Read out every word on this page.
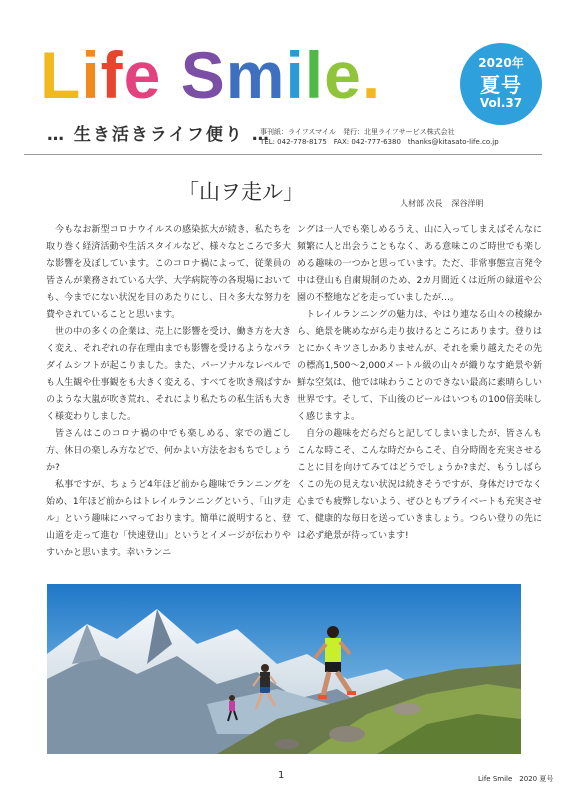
Life Smile.
… 生き活きライフ便り …
2020年
夏号
Vol.37
事刊紙：ライフスマイル　発行：北里ライフサービス株式会社
TEL: 042-778-8175　FAX: 042-777-6380　thanks@kitasato-life.co.jp
「山ヲ走ル」	人材部 次長 深谷洋明

今もなお新型コロナウイルスの感染拡大が続き、私たちを取り巻く経済活動や生活スタイルなど、様々なところで多大な影響を及ぼしています。このコロナ禍によって、従業員の皆さんが業務されている大学、大学病院等の各現場においても、今までにない状況を目のあたりにし、日々多大な努力を費やされていることと思います。

世の中の多くの企業は、売上に影響を受け、働き方を大きく変え、それぞれの存在理由までも影響を受けるようなパラダイムシフトが起こりました。また、パーソナルなレベルでも人生観や仕事観をも大きく変える、すべてを吹き飛ばすかのような大嵐が吹き荒れ、それにより私たちの私生活も大きく様変わりしました。

皆さんはこのコロナ禍の中でも楽しめる、家での過ごし方、休日の楽しみ方などで、何かよい方法をおもちでしょうか?

私事ですが、ちょうど4年ほど前から趣味でランニングを始め、1年ほど前からはトレイルランニングという、「山ヲ走ル」という趣味にハマっております。簡単に説明すると、登山道を走って進む「快速登山」というとイメージが伝わりやすいかと思います。幸いランニ

ングは一人でも楽しめるうえ、山に入ってしまえばそんなに頻繁に人と出会うこともなく、ある意味このご時世でも楽しめる趣味の一つかと思っています。ただ、非常事態宣言発令中は登山も自粛規制のため、2カ月間近くは近所の緑道や公園の不整地などを走っていましたが…。

トレイルランニングの魅力は、やはり連なる山々の稜線から、絶景を眺めながら走り抜けるところにあります。登りはとにかくキツさしかありませんが、それを乗り越えたその先の標高1,500～2,000メートル級の山々が織りなす絶景や新鮮な空気は、他では味わうことのできない最高に素晴らしい世界です。そして、下山後のビールはいつもの100倍美味しく感じますよ。

自分の趣味をだらだらと記してしまいましたが、皆さんもこんな時こそ、こんな時だからこそ、自分時間を充実させることに目を向けてみてはどうでしょうか?まだ、もうしばらくこの先の見えない状況は続きそうですが、身体だけでなく心までも疲弊しないよう、ぜひともプライベートも充実させて、健康的な毎日を送っていきましょう。つらい登りの先には必ず絶景が待っています!

1	Life Smile　2020 夏号
